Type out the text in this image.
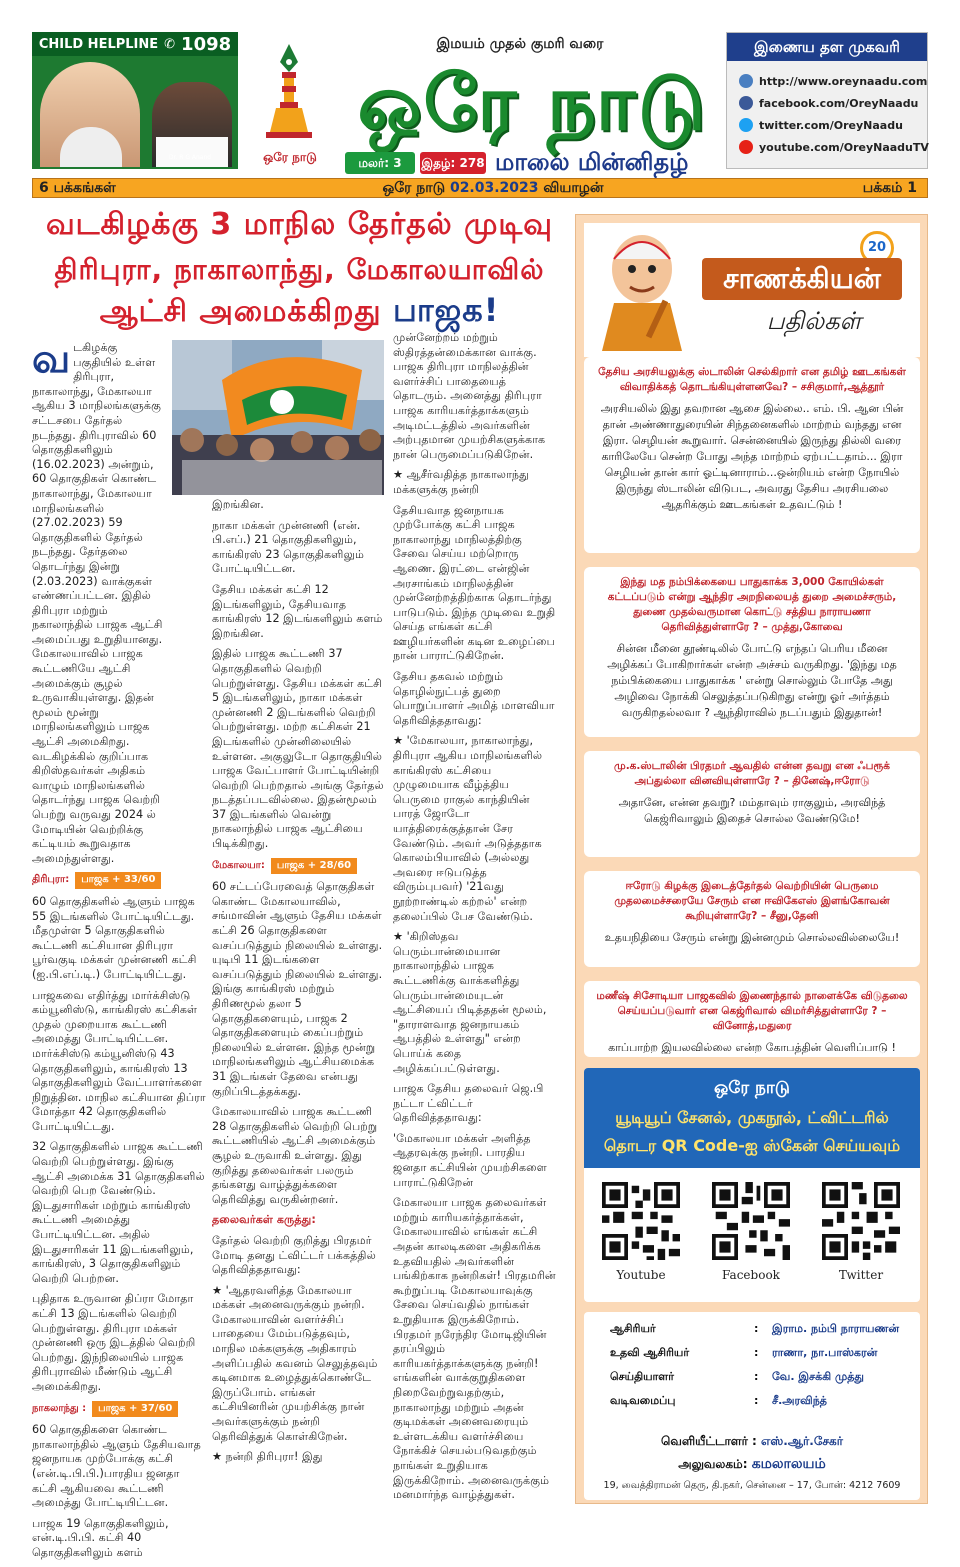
CHILD HELPLINE ✆ 1098
Dr. R G Anand	ஒரே நாடு
இமயம் முதல் குமரி வரை
ஒரே நாடு
மலர்: 3	இதழ்: 278 மாலை மின்னிதழ்
இணைய தள முகவரி
http://www.oreynaadu.com
facebook.com/OreyNaadu
twitter.com/OreyNaadu
youtube.com/OreyNaaduTV
6 பக்கங்கள்	ஒரே நாடு 02.03.2023 வியாழன்	பக்கம் 1
வடகிழக்கு 3 மாநில தேர்தல் முடிவு
திரிபுரா, நாகாலாந்து, மேகாலயாவில்
ஆட்சி அமைக்கிறது பாஜக!

வடகிழக்கு பகுதியில் உள்ள திரிபுரா, நாகாலாந்து, மேகாலயா ஆகிய 3 மாநிலங்களுக்கு சட்டசபை தேர்தல் நடந்தது. திரிபுராவில் 60 தொகுதிகளிலும் (16.02.2023) அன்றும், 60 தொகுதிகள் கொண்ட நாகாலாந்து, மேகாலயா மாநிலங்களில் (27.02.2023) 59 தொகுதிகளில் தேர்தல் நடந்தது. தேர்தலை தொடர்ந்து இன்று (2.03.2023) வாக்குகள் எண்ணப்பட்டன. இதில் திரிபுரா மற்றும் நகாலாந்தில் பாஜக ஆட்சி அமைப்பது உறுதியானது. மேகாலயாவில் பாஜக கூட்டணியே ஆட்சி அமைக்கும் சூழல் உருவாகியுள்ளது. இதன் மூலம் மூன்று மாநிலங்களிலும் பாஜக ஆட்சி அமைகிறது. வடகிழக்கில் குறிப்பாக கிறிஸ்தவர்கள் அதிகம் வாழும் மாநிலங்களில் தொடர்ந்து பாஜக வெற்றி பெற்று வருவது 2024 ல் மோடியின் வெற்றிக்கு கட்டியம் கூறுவதாக அமைந்துள்ளது.

திரிபுரா: பாஜக + 33/60

60 தொகுதிகளில் ஆளும் பாஜக 55 இடங்களில் போட்டியிட்டது. மீதமுள்ள 5 தொகுதிகளில் கூட்டணி கட்சியான திரிபுரா பூர்வகுடி மக்கள் முன்னணி கட்சி (ஐ.பி.எப்.டி.) போட்டியிட்டது.

பாஜகவை எதிர்த்து மார்க்சிஸ்டு கம்யூனிஸ்டு, காங்கிரஸ் கட்சிகள் முதல் முறையாக கூட்டணி அமைத்து போட்டியிட்டன. மார்க்சிஸ்டு கம்யூனிஸ்டு 43 தொகுதிகளிலும், காங்கிரஸ் 13 தொகுதிகளிலும் வேட்பாளர்களை நிறுத்தின. மாநில கட்சியான திப்ரா மோத்தா 42 தொகுதிகளில் போட்டியிட்டது.

32 தொகுதிகளில் பாஜக கூட்டணி வெற்றி பெற்றுள்ளது. இங்கு ஆட்சி அமைக்க 31 தொகுதிகளில் வெற்றி பெற வேண்டும். இடதுசாரிகள் மற்றும் காங்கிரஸ் கூட்டணி அமைத்து போட்டியிட்டன. அதில் இடதுசாரிகள் 11 இடங்களிலும், காங்கிரஸ், 3 தொகுதிகளிலும் வெற்றி பெற்றன.

புதிதாக உருவான திப்ரா மோதா கட்சி 13 இடங்களில் வெற்றி பெற்றுள்ளது. திரிபுரா மக்கள் முன்னணி ஒரு இடத்தில் வெற்றி பெற்றது. இந்நிலையில் பாஜக திரிபுராவில் மீண்டும் ஆட்சி அமைக்கிறது.

நாகலாந்து : பாஜக + 37/60

60 தொகுதிகளை கொண்ட நாகாலாந்தில் ஆளும் தேசியவாத ஜனநாயக முற்போக்கு கட்சி (என்.டி.பி.பி.)பாரதிய ஜனதா கட்சி ஆகியவை கூட்டணி அமைத்து போட்டியிட்டன.

பாஜக 19 தொகுதிகளிலும், என்.டி.பி.பி. கட்சி 40 தொகுதிகளிலும் களம்

இறங்கின.

நாகா மக்கள் முன்னணி (என். பி.எப்.) 21 தொகுதிகளிலும், காங்கிரஸ் 23 தொகுதிகளிலும் போட்டியிட்டன.

தேசிய மக்கள் கட்சி 12 இடங்களிலும், தேசியவாத காங்கிரஸ் 12 இடங்களிலும் களம் இறங்கின.

இதில் பாஜக கூட்டணி 37 தொகுதிகளில் வெற்றி பெற்றுள்ளது. தேசிய மக்கள் கட்சி 5 இடங்களிலும், நாகா மக்கள் முன்னணி 2 இடங்களில் வெற்றி பெற்றுள்ளது. மற்ற கட்சிகள் 21 இடங்களில் முன்னிலையில் உள்ளன. அகுலுடோ தொகுதியில் பாஜக வேட்பாளர் போட்டியின்றி வெற்றி பெற்றதால் அங்கு தேர்தல் நடத்தப்படவில்லை. இதன்மூலம் 37 இடங்களில் வென்று நாகலாந்தில் பாஜக ஆட்சியை பிடிக்கிறது.

மேகாலயா: பாஜக + 28/60

60 சட்டப்பேரவைத் தொகுதிகள் கொண்ட மேகாலயாவில், சங்மாவின் ஆளும் தேசிய மக்கள் கட்சி 26 தொகுதிகளை வசப்படுத்தும் நிலையில் உள்ளது. யுடிபி 11 இடங்களை வசப்படுத்தும் நிலையில் உள்ளது. இங்கு காங்கிரஸ் மற்றும் திரிணமூல் தலா 5 தொகுதிகளையும், பாஜக 2 தொகுதிகளையும் கைப்பற்றும் நிலையில் உள்ளன. இந்த மூன்று மாநிலங்களிலும் ஆட்சியமைக்க 31 இடங்கள் தேவை என்பது குறிப்பிடத்தக்கது.

மேகாலயாவில் பாஜக கூட்டணி 28 தொகுதிகளில் வெற்றி பெற்று கூட்டணியில் ஆட்சி அமைக்கும் சூழல் உருவாகி உள்ளது. இது குறித்து தலைவர்கள் பலரும் தங்களது வாழ்த்துக்களை தெரிவித்து வருகின்றனர்.

தலைவர்கள் கருத்து:

தேர்தல் வெற்றி குறித்து பிரதமர் மோடி தனது ட்விட்டர் பக்கத்தில் தெரிவித்ததாவது:

★ 'ஆதரவளித்த மேகாலயா மக்கள் அனைவருக்கும் நன்றி. மேகாலயாவின் வளர்ச்சிப் பாதையை மேம்படுத்தவும், மாநில மக்களுக்கு அதிகாரம் அளிப்பதில் கவனம் செலுத்தவும் கடினமாக உழைத்துக்கொண்டே இருப்போம். எங்கள் கட்சியினரின் முயற்சிக்கு நான் அவர்களுக்கும் நன்றி தெரிவித்துக் கொள்கிறேன்.

★ நன்றி திரிபுரா! இது

முன்னேற்றம் மற்றும் ஸ்திரத்தன்மைக்கான வாக்கு. பாஜக திரிபுரா மாநிலத்தின் வளர்ச்சிப் பாதையைத் தொடரும். அனைத்து திரிபுரா பாஜக காரியகர்த்தாக்களும் அடிமட்டத்தில் அவர்களின் அற்புதமான முயற்சிகளுக்காக நான் பெருமைப்படுகிறேன்.

★ ஆசீர்வதித்த நாகாலாந்து மக்களுக்கு நன்றி

தேசியவாத ஜனநாயக முற்போக்கு கட்சி பாஜக நாகாலாந்து மாநிலத்திற்கு சேவை செய்ய மற்றொரு ஆணை. இரட்டை என்ஜின் அரசாங்கம் மாநிலத்தின் முன்னேற்றத்திற்காக தொடர்ந்து பாடுபடும். இந்த முடிவை உறுதி செய்த எங்கள் கட்சி ஊழியர்களின் கடின உழைப்பை நான் பாராட்டுகிறேன்.

தேசிய தகவல் மற்றும் தொழில்நுட்பத் துறை பொறுப்பாளர் அமித் மாளவியா தெரிவித்ததாவது:

★ 'மேகாலயா, நாகாலாந்து, திரிபுரா ஆகிய மாநிலங்களில் காங்கிரஸ் கட்சியை முழுமையாக வீழ்த்திய பெருமை ராகுல் காந்தியின் பாரத் ஜோடோ யாத்திரைக்குத்தான் சேர வேண்டும். அவர் அடுத்ததாக கொலம்பியாவில் (அல்லது அவரை ஈடுபடுத்த விரும்புபவர்) '21வது நூற்றாண்டில் கற்றல்' என்ற தலைப்பில் பேச வேண்டும்.

★ 'கிறிஸ்தவ பெரும்பான்மையான நாகாலாந்தில் பாஜக கூட்டணிக்கு வாக்களித்து பெரும்பான்மையுடன் ஆட்சியைப் பிடித்ததன் மூலம், "தாராளவாத ஜனநாயகம் ஆபத்தில் உள்ளது" என்ற பொய்க் கதை அழிக்கப்பட்டுள்ளது.

பாஜக தேசிய தலைவர் ஜெ.பி நட்டா ட்விட்டர் தெரிவித்ததாவது:

'மேகாலயா மக்கள் அளித்த ஆதரவுக்கு நன்றி. பாரதிய ஜனதா கட்சியின் முயற்சிகளை பாராட்டுகிறேன்

மேகாலயா பாஜக தலைவர்கள் மற்றும் காரியகர்த்தாக்கள், மேகாலயாவில் எங்கள் கட்சி அதன் காலடிகளை அதிகரிக்க உதவியதில் அவர்களின் பங்கிற்காக நன்றிகள்! பிரதமரின் கூற்றுப்படி மேகாலயாவுக்கு சேவை செய்வதில் நாங்கள் உறுதியாக இருக்கிறோம். பிரதமர் நரேந்திர மோடிஜியின் தரப்பிலும் காரியகர்த்தாக்களுக்கு நன்றி! எங்களின் வாக்குறுதிகளை நிறைவேற்றுவதற்கும், நாகாலாந்து மற்றும் அதன் குடிமக்கள் அனைவரையும் உள்ளடக்கிய வளர்ச்சியை நோக்கிச் செயல்படுவதற்கும் நாங்கள் உறுதியாக இருக்கிறோம். அனைவருக்கும் மனமார்ந்த வாழ்த்துகள்.

20
சாணக்கியன்
பதில்கள்
தேசிய அரசியலுக்கு ஸ்டாலின் செல்கிறார் என தமிழ் ஊடகங்கள் விவாதிக்கத் தொடங்கியுள்ளனவே? – சசிகுமார்,ஆத்தூர்
அரசியலில் இது தவறான ஆசை இல்லை.. எம். பி. ஆன பின் தான் அண்ணாதுரையின் சிந்தனைகளில் மாற்றம் வந்தது என இரா. செழியன் கூறுவார். சென்னையில் இருந்து தில்லி வரை காரிலேயே சென்ற போது அந்த மாற்றம் ஏற்பட்டதாம்... இரா செழியன் தான் கார் ஓட்டினாராம்...ஒன்றியம் என்ற நோயில் இருந்து ஸ்டாலின் விடுபட, அவரது தேசிய அரசியலை ஆதரிக்கும் ஊடகங்கள் உதவட்டும் !
இந்து மத நம்பிக்கையை பாதுகாக்க 3,000 கோயில்கள் கட்டப்படும் என்று ஆந்திர அறநிலையத் துறை அமைச்சரும், துணை முதல்வருமான கொட்டு சத்திய நாராயணா தெரிவித்துள்ளாரே ? – முத்து,கோவை
சின்ன மீனை தூண்டிலில் போட்டு எந்தப் பெரிய மீனை அழிக்கப் போகிறார்கள் என்ற அச்சம் வருகிறது. 'இந்து மத நம்பிக்கையை பாதுகாக்க ' என்று சொல்லும் போதே அது அழிவை நோக்கி செலுத்தப்படுகிறது என்று ஓர் அர்த்தம் வருகிறதல்லவா ? ஆந்திராவில் நடப்பதும் இதுதான்!
மு.க.ஸ்டாலின் பிரதமர் ஆவதில் என்ன தவறு என ஃபரூக் அப்துல்லா வினவியுள்ளாரே ? – தினேஷ்,ஈரோடு
அதானே, என்ன தவறு? மம்தாவும் ராகுலும், அரவிந்த் கெஜ்ரிவாலும் இதைச் சொல்ல வேண்டுமே!
ஈரோடு கிழக்கு இடைத்தேர்தல் வெற்றியின் பெருமை முதலமைச்சரையே சேரும் என ஈவிகேஎஸ் இளங்கோவன் கூறியுள்ளாரே? – சீனு,தேனி
உதயநிதியை சேரும் என்று இன்னமும் சொல்லவில்லையே!
மணீஷ் சிசோடியா பாஜகவில் இணைந்தால் நாளைக்கே விடுதலை செய்யப்படுவார் என கெஜ்ரிவால் விமர்சித்துள்ளாரே ? – வினோத்,மதுரை
காப்பாற்ற இயலவில்லை என்ற கோபத்தின் வெளிப்பாடு !
ஒரே நாடு
யூடியூப் சேனல், முகநூல், ட்விட்டரில்
தொடர QR Code-ஐ ஸ்கேன் செய்யவும்
Youtube	Facebook	Twitter
ஆசிரியர்	: இராம. நம்பி நாராயணன்
உதவி ஆசிரியர்	: ராணா, நா.பாஸ்கரன்
செய்தியாளர்	: வே. இசக்கி முத்து
வடிவமைப்பு	: சீ.அரவிந்த்
வெளியீட்டாளர் : எஸ்.ஆர்.சேகர்
அலுவலகம்: கமலாலயம்
19, வைத்திராமன் தெரு, தி.நகர், சென்னை – 17, போன்: 4212 7609
